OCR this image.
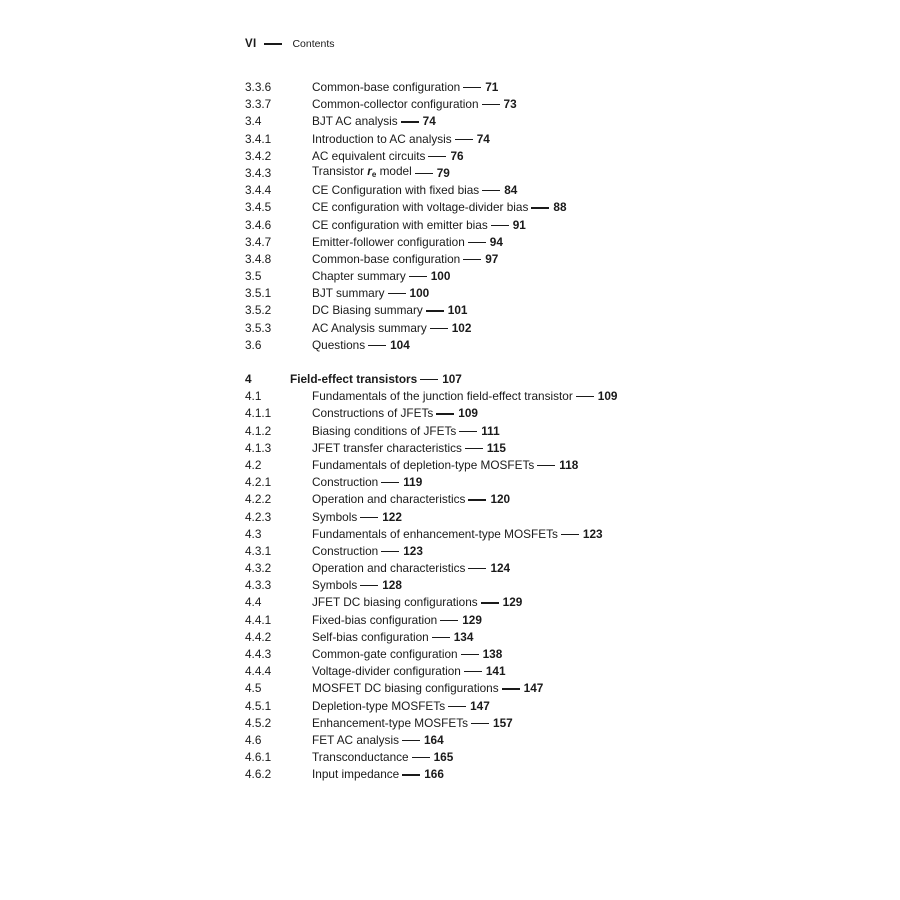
VI	Contents
3.3.6	Common-base configuration 71
3.3.7	Common-collector configuration 73
3.4	BJT AC analysis 74
3.4.1	Introduction to AC analysis 74
3.4.2	AC equivalent circuits 76
3.4.3	Transistor re model 79
3.4.4	CE Configuration with fixed bias 84
3.4.5	CE configuration with voltage-divider bias 88
3.4.6	CE configuration with emitter bias 91
3.4.7	Emitter-follower configuration 94
3.4.8	Common-base configuration 97
3.5	Chapter summary 100
3.5.1	BJT summary 100
3.5.2	DC Biasing summary 101
3.5.3	AC Analysis summary 102
3.6	Questions 104
4	Field-effect transistors 107
4.1	Fundamentals of the junction field-effect transistor 109
4.1.1	Constructions of JFETs 109
4.1.2	Biasing conditions of JFETs 111
4.1.3	JFET transfer characteristics 115
4.2	Fundamentals of depletion-type MOSFETs 118
4.2.1	Construction 119
4.2.2	Operation and characteristics 120
4.2.3	Symbols 122
4.3	Fundamentals of enhancement-type MOSFETs 123
4.3.1	Construction 123
4.3.2	Operation and characteristics 124
4.3.3	Symbols 128
4.4	JFET DC biasing configurations 129
4.4.1	Fixed-bias configuration 129
4.4.2	Self-bias configuration 134
4.4.3	Common-gate configuration 138
4.4.4	Voltage-divider configuration 141
4.5	MOSFET DC biasing configurations 147
4.5.1	Depletion-type MOSFETs 147
4.5.2	Enhancement-type MOSFETs 157
4.6	FET AC analysis 164
4.6.1	Transconductance 165
4.6.2	Input impedance 166
